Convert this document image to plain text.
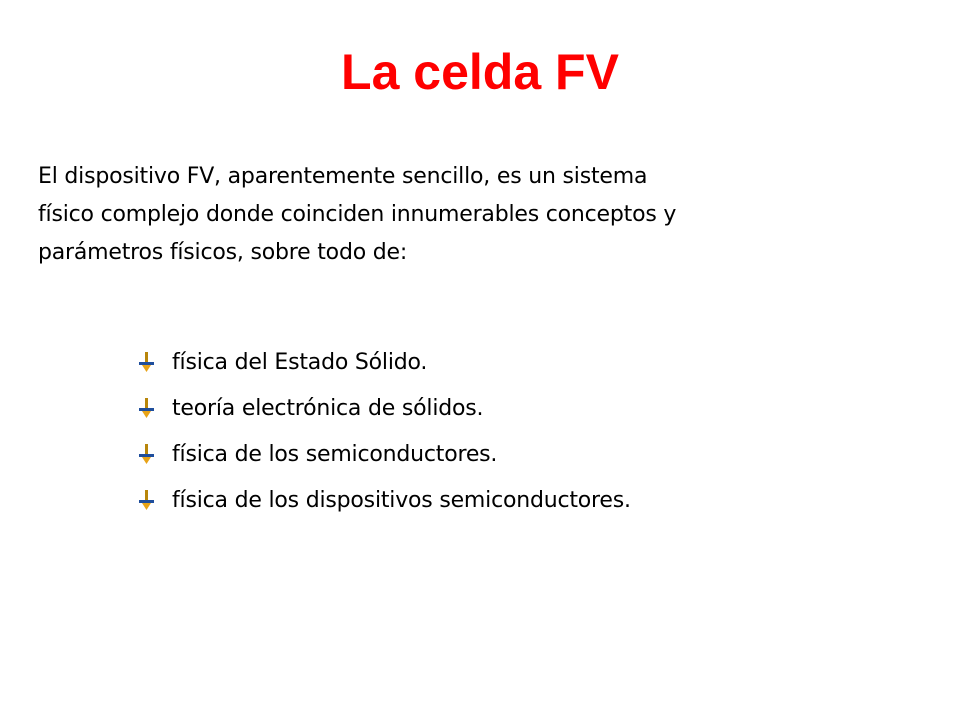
La celda FV

El dispositivo FV, aparentemente sencillo, es un sistema
físico complejo donde coinciden innumerables conceptos y
parámetros físicos, sobre todo de:

física del Estado Sólido.
teoría electrónica de sólidos.
física de los semiconductores.
física de los dispositivos semiconductores.
